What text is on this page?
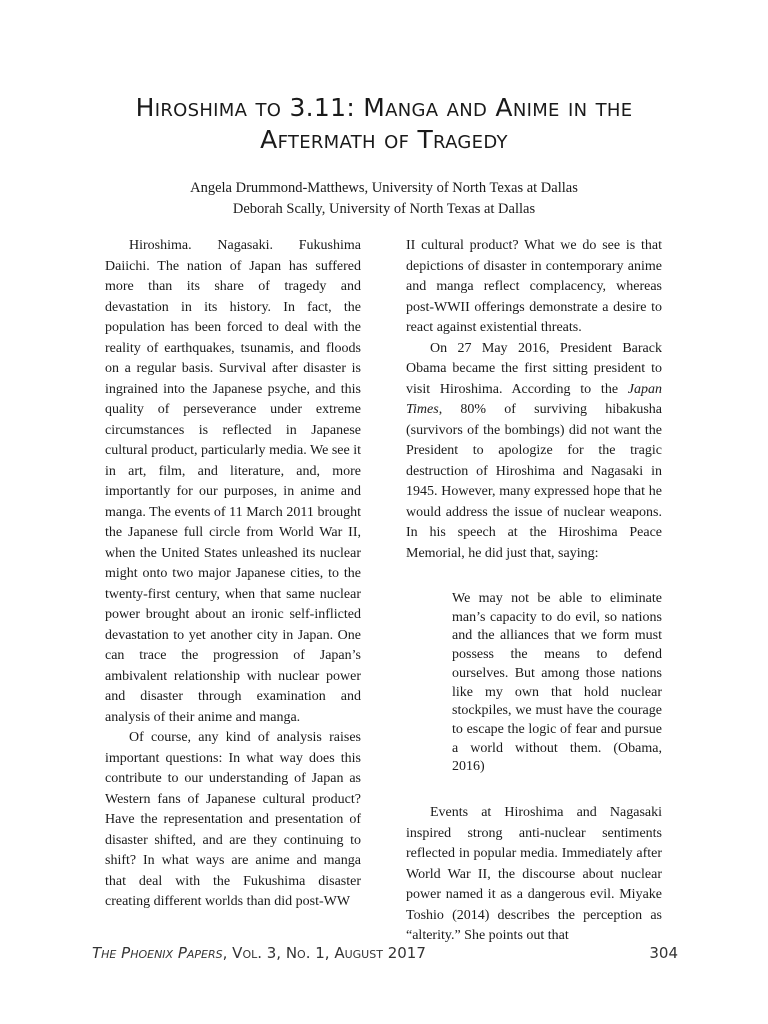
Hiroshima to 3.11: Manga and Anime in the
Aftermath of Tragedy
Angela Drummond-Matthews, University of North Texas at Dallas
Deborah Scally, University of North Texas at Dallas

Hiroshima. Nagasaki. Fukushima Daiichi. The nation of Japan has suffered more than its share of tragedy and devastation in its history. In fact, the population has been forced to deal with the reality of earthquakes, tsunamis, and floods on a regular basis. Survival after disaster is ingrained into the Japanese psyche, and this quality of perseverance under extreme circumstances is reflected in Japanese cultural product, particularly media. We see it in art, film, and literature, and, more importantly for our purposes, in anime and manga. The events of 11 March 2011 brought the Japanese full circle from World War II, when the United States unleashed its nuclear might onto two major Japanese cities, to the twenty-first century, when that same nuclear power brought about an ironic self-inflicted devastation to yet another city in Japan. One can trace the progression of Japan’s ambivalent relationship with nuclear power and disaster through examination and analysis of their anime and manga.

Of course, any kind of analysis raises important questions: In what way does this contribute to our understanding of Japan as Western fans of Japanese cultural product? Have the representation and presentation of disaster shifted, and are they continuing to shift? In what ways are anime and manga that deal with the Fukushima disaster creating different worlds than did post-WW

II cultural product? What we do see is that depictions of disaster in contemporary anime and manga reflect complacency, whereas post-WWII offerings demonstrate a desire to react against existential threats.

On 27 May 2016, President Barack Obama became the first sitting president to visit Hiroshima. According to the Japan Times, 80% of surviving hibakusha (survivors of the bombings) did not want the President to apologize for the tragic destruction of Hiroshima and Nagasaki in 1945. However, many expressed hope that he would address the issue of nuclear weapons. In his speech at the Hiroshima Peace Memorial, he did just that, saying:

We may not be able to eliminate man’s capacity to do evil, so nations and the alliances that we form must possess the means to defend ourselves. But among those nations like my own that hold nuclear stockpiles, we must have the courage to escape the logic of fear and pursue a world without them. (Obama, 2016)

Events at Hiroshima and Nagasaki inspired strong anti-nuclear sentiments reflected in popular media. Immediately after World War II, the discourse about nuclear power named it as a dangerous evil. Miyake Toshio (2014) describes the perception as “alterity.” She points out that

The Phoenix Papers, Vol. 3, No. 1, August 2017	304
